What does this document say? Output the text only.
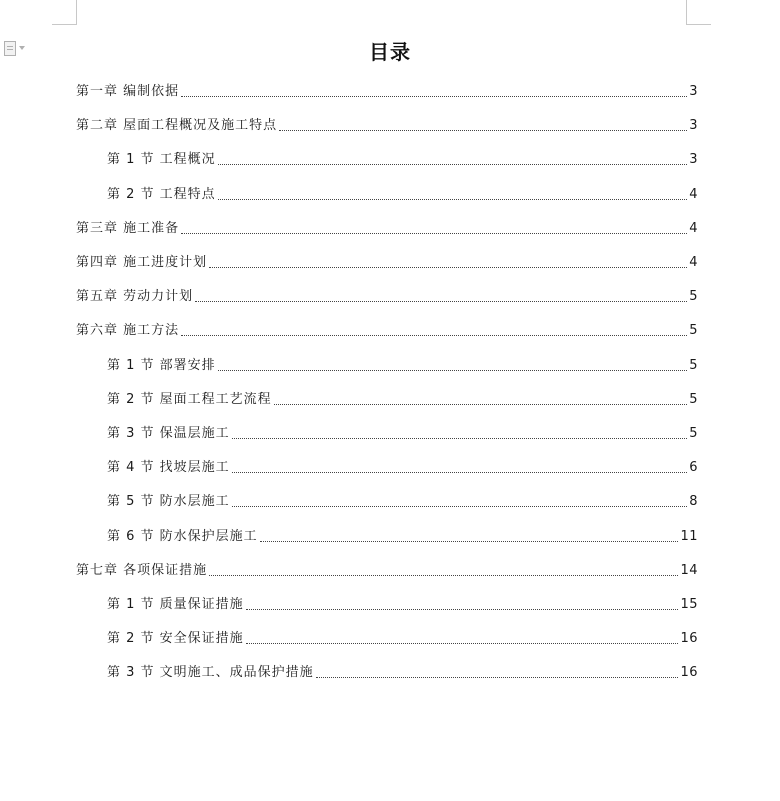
目录
第一章 编制依据	3
第二章 屋面工程概况及施工特点	3
第 1 节 工程概况	3
第 2 节 工程特点	4
第三章 施工准备	4
第四章 施工进度计划	4
第五章 劳动力计划	5
第六章 施工方法	5
第 1 节 部署安排	5
第 2 节 屋面工程工艺流程	5
第 3 节 保温层施工	5
第 4 节 找坡层施工	6
第 5 节 防水层施工	8
第 6 节 防水保护层施工	11
第七章 各项保证措施	14
第 1 节 质量保证措施	15
第 2 节 安全保证措施	16
第 3 节 文明施工、成品保护措施	16
